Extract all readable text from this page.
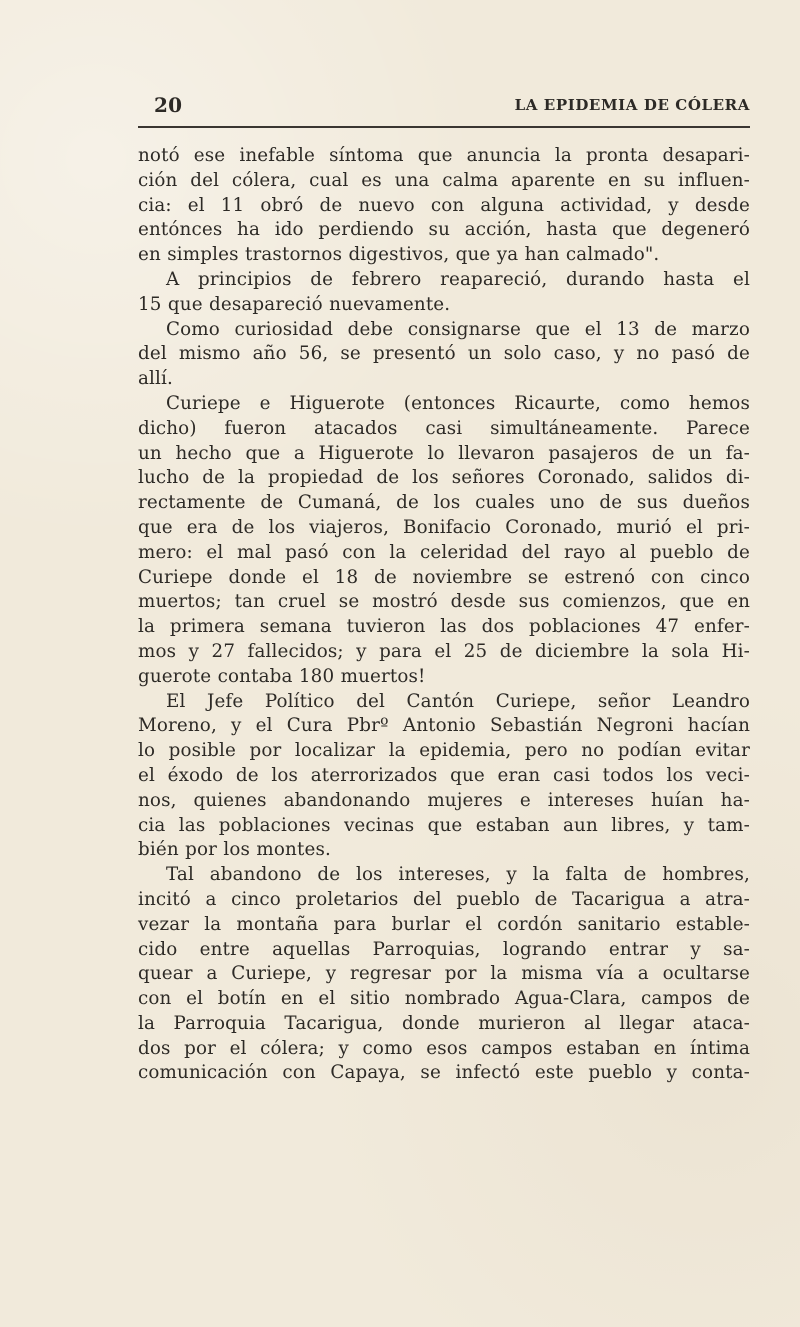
20	LA EPIDEMIA DE CÓLERA

notó ese inefable síntoma que anuncia la pronta desapari-
ción del cólera, cual es una calma aparente en su influen-
cia: el 11 obró de nuevo con alguna actividad, y desde
entónces ha ido perdiendo su acción, hasta que degeneró
en simples trastornos digestivos, que ya han calmado".

A principios de febrero reapareció, durando hasta el
15 que desapareció nuevamente.

Como curiosidad debe consignarse que el 13 de marzo
del mismo año 56, se presentó un solo caso, y no pasó de
allí.

Curiepe e Higuerote (entonces Ricaurte, como hemos
dicho) fueron atacados casi simultáneamente. Parece
un hecho que a Higuerote lo llevaron pasajeros de un fa-
lucho de la propiedad de los señores Coronado, salidos di-
rectamente de Cumaná, de los cuales uno de sus dueños
que era de los viajeros, Bonifacio Coronado, murió el pri-
mero: el mal pasó con la celeridad del rayo al pueblo de
Curiepe donde el 18 de noviembre se estrenó con cinco
muertos; tan cruel se mostró desde sus comienzos, que en
la primera semana tuvieron las dos poblaciones 47 enfer-
mos y 27 fallecidos; y para el 25 de diciembre la sola Hi-
guerote contaba 180 muertos!

El Jefe Político del Cantón Curiepe, señor Leandro
Moreno, y el Cura Pbrº Antonio Sebastián Negroni hacían
lo posible por localizar la epidemia, pero no podían evitar
el éxodo de los aterrorizados que eran casi todos los veci-
nos, quienes abandonando mujeres e intereses huían ha-
cia las poblaciones vecinas que estaban aun libres, y tam-
bién por los montes.

Tal abandono de los intereses, y la falta de hombres,
incitó a cinco proletarios del pueblo de Tacarigua a atra-
vezar la montaña para burlar el cordón sanitario estable-
cido entre aquellas Parroquias, logrando entrar y sa-
quear a Curiepe, y regresar por la misma vía a ocultarse
con el botín en el sitio nombrado Agua-Clara, campos de
la Parroquia Tacarigua, donde murieron al llegar ataca-
dos por el cólera; y como esos campos estaban en íntima
comunicación con Capaya, se infectó este pueblo y conta-
